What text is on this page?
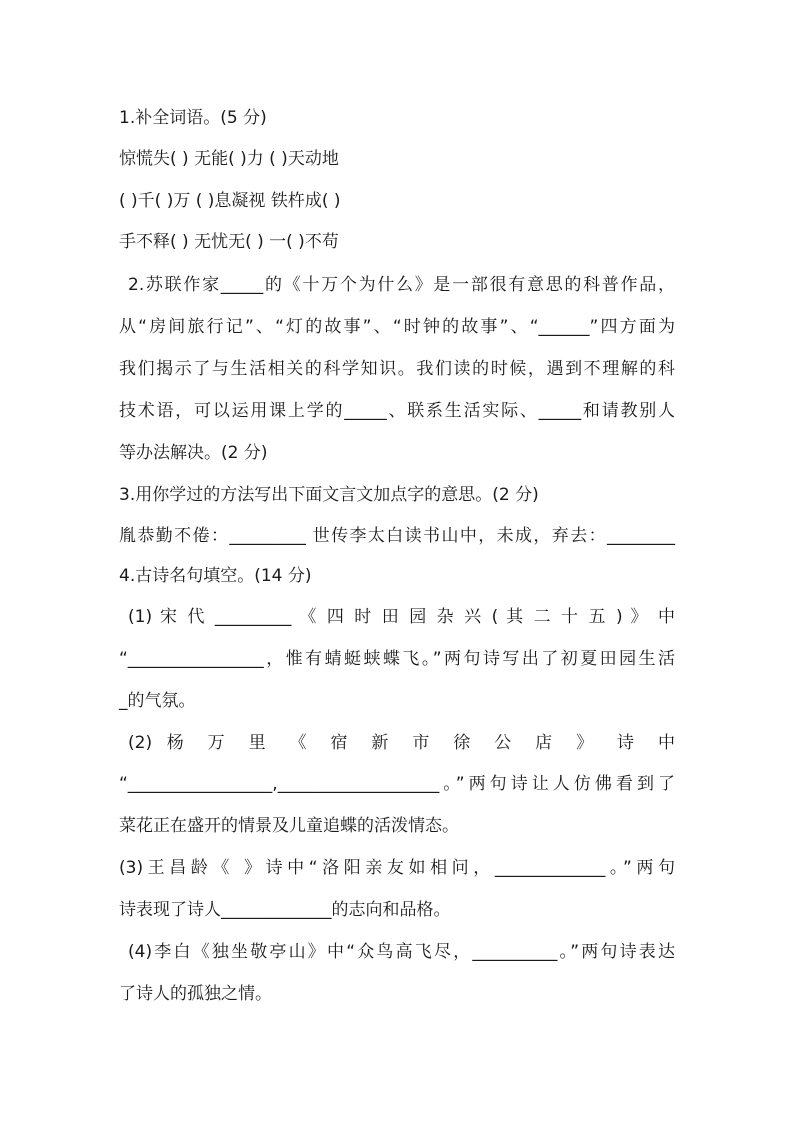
1.补全词语。(5 分)
惊慌失( ) 无能( )力 ( )天动地
( )千( )万 ( )息凝视 铁杵成( )
手不释( ) 无忧无( ) 一( )不苟
2.苏联作家_____的《十万个为什么》是一部很有意思的科普作品，
从“房间旅行记”、“灯的故事”、“时钟的故事”、“______”四方面为
我们揭示了与生活相关的科学知识。我们读的时候，遇到不理解的科
技术语，可以运用课上学的_____、联系生活实际、_____和请教别人
等办法解决。(2 分)
3.用你学过的方法写出下面文言文加点字的意思。(2 分)
胤恭勤不倦：_________ 世传李太白读书山中，未成，弃去：________
4.古诗名句填空。(14 分)
(1) 宋 代 _________ 《 四 时 田 园 杂 兴 ( 其 二 十 五 ) 》 中
“________________，惟有蜻蜓蛱蝶飞。”两句诗写出了初夏田园生活
_的气氛。
(2) 杨 万 里 《 宿 新 市 徐 公 店 》 诗 中
“_________________,___________________。”两句诗让人仿佛看到了
菜花正在盛开的情景及儿童追蝶的活泼情态。
(3)王昌龄《 》诗中“洛阳亲友如相问，_____________。”两句
诗表现了诗人_____________的志向和品格。
(4)李白《独坐敬亭山》中“众鸟高飞尽，__________。”两句诗表达
了诗人的孤独之情。
